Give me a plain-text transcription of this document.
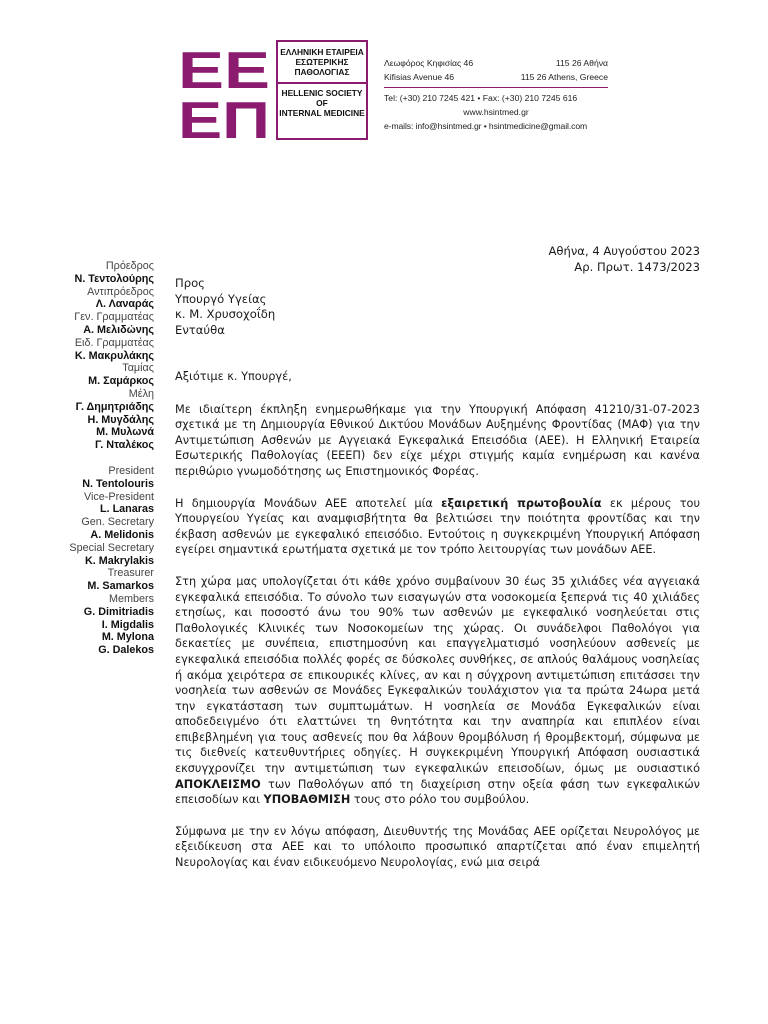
ΕΕ
ΕΠ
ΕΛΛΗΝΙΚΗ ΕΤΑΙΡΕΙΑ
ΕΣΩΤΕΡΙΚΗΣ
ΠΑΘΟΛΟΓΙΑΣ
HELLENIC SOCIETY
OF
INTERNAL MEDICINE
Λεωφόρος Κηφισίας 46	115 26 Αθήνα
Kifisias Avenue 46	115 26 Athens, Greece
Tel: (+30) 210 7245 421 • Fax: (+30) 210 7245 616
www.hsintmed.gr
e-mails: info@hsintmed.gr • hsintmedicine@gmail.com
Πρόεδρος
Ν. Τεντολούρης
Αντιπρόεδρος
Λ. Λαναράς
Γεν. Γραμματέας
Α. Μελιδώνης
Ειδ. Γραμματέας
Κ. Μακρυλάκης
Ταμίας
Μ. Σαμάρκος
Μέλη
Γ. Δημητριάδης
Η. Μυγδάλης
Μ. Μυλωνά
Γ. Νταλέκος
President
N. Tentolouris
Vice-President
L. Lanaras
Gen. Secretary
A. Melidonis
Special Secretary
K. Makrylakis
Treasurer
M. Samarkos
Members
G. Dimitriadis
I. Migdalis
M. Mylona
G. Dalekos
Αθήνα, 4 Αυγούστου 2023
Αρ. Πρωτ. 1473/2023
Προς
Υπουργό Υγείας
κ. Μ. Χρυσοχοΐδη
Ενταύθα

Αξιότιμε κ. Υπουργέ,

Με ιδιαίτερη έκπληξη ενημερωθήκαμε για την Υπουργική Απόφαση 41210/31-07-2023 σχετικά με τη Δημιουργία Εθνικού Δικτύου Μονάδων Αυξημένης Φροντίδας (ΜΑΦ) για την Αντιμετώπιση Ασθενών με Αγγειακά Εγκεφαλικά Επεισόδια (ΑΕΕ). Η Ελληνική Εταιρεία Εσωτερικής Παθολογίας (ΕΕΕΠ) δεν είχε μέχρι στιγμής καμία ενημέρωση και κανένα περιθώριο γνωμοδότησης ως Επιστημονικός Φορέας.

Η δημιουργία Μονάδων ΑΕΕ αποτελεί μία εξαιρετική πρωτοβουλία εκ μέρους του Υπουργείου Υγείας και αναμφισβήτητα θα βελτιώσει την ποιότητα φροντίδας και την έκβαση ασθενών με εγκεφαλικό επεισόδιο. Εντούτοις η συγκεκριμένη Υπουργική Απόφαση εγείρει σημαντικά ερωτήματα σχετικά με τον τρόπο λειτουργίας των μονάδων ΑΕΕ.

Στη χώρα μας υπολογίζεται ότι κάθε χρόνο συμβαίνουν 30 έως 35 χιλιάδες νέα αγγειακά εγκεφαλικά επεισόδια. Το σύνολο των εισαγωγών στα νοσοκομεία ξεπερνά τις 40 χιλιάδες ετησίως, και ποσοστό άνω του 90% των ασθενών με εγκεφαλικό νοσηλεύεται στις Παθολογικές Κλινικές των Νοσοκομείων της χώρας. Οι συνάδελφοι Παθολόγοι για δεκαετίες με συνέπεια, επιστημοσύνη και επαγγελματισμό νοσηλεύουν ασθενείς με εγκεφαλικά επεισόδια πολλές φορές σε δύσκολες συνθήκες, σε απλούς θαλάμους νοσηλείας ή ακόμα χειρότερα σε επικουρικές κλίνες, αν και η σύγχρονη αντιμετώπιση επιτάσσει την νοσηλεία των ασθενών σε Μονάδες Εγκεφαλικών τουλάχιστον για τα πρώτα 24ωρα μετά την εγκατάσταση των συμπτωμάτων. Η νοσηλεία σε Μονάδα Εγκεφαλικών είναι αποδεδειγμένο ότι ελαττώνει τη θνητότητα και την αναπηρία και επιπλέον είναι επιβεβλημένη για τους ασθενείς που θα λάβουν θρομβόλυση ή θρομβεκτομή, σύμφωνα με τις διεθνείς κατευθυντήριες οδηγίες. Η συγκεκριμένη Υπουργική Απόφαση ουσιαστικά εκσυγχρονίζει την αντιμετώπιση των εγκεφαλικών επεισοδίων, όμως με ουσιαστικό ΑΠΟΚΛΕΙΣΜΟ των Παθολόγων από τη διαχείριση στην οξεία φάση των εγκεφαλικών επεισοδίων και ΥΠΟΒΑΘΜΙΣΗ τους στο ρόλο του συμβούλου.

Σύμφωνα με την εν λόγω απόφαση, Διευθυντής της Μονάδας ΑΕΕ ορίζεται Νευρολόγος με εξειδίκευση στα ΑΕΕ και το υπόλοιπο προσωπικό απαρτίζεται από έναν επιμελητή Νευρολογίας και έναν ειδικευόμενο Νευρολογίας, ενώ μια σειρά
